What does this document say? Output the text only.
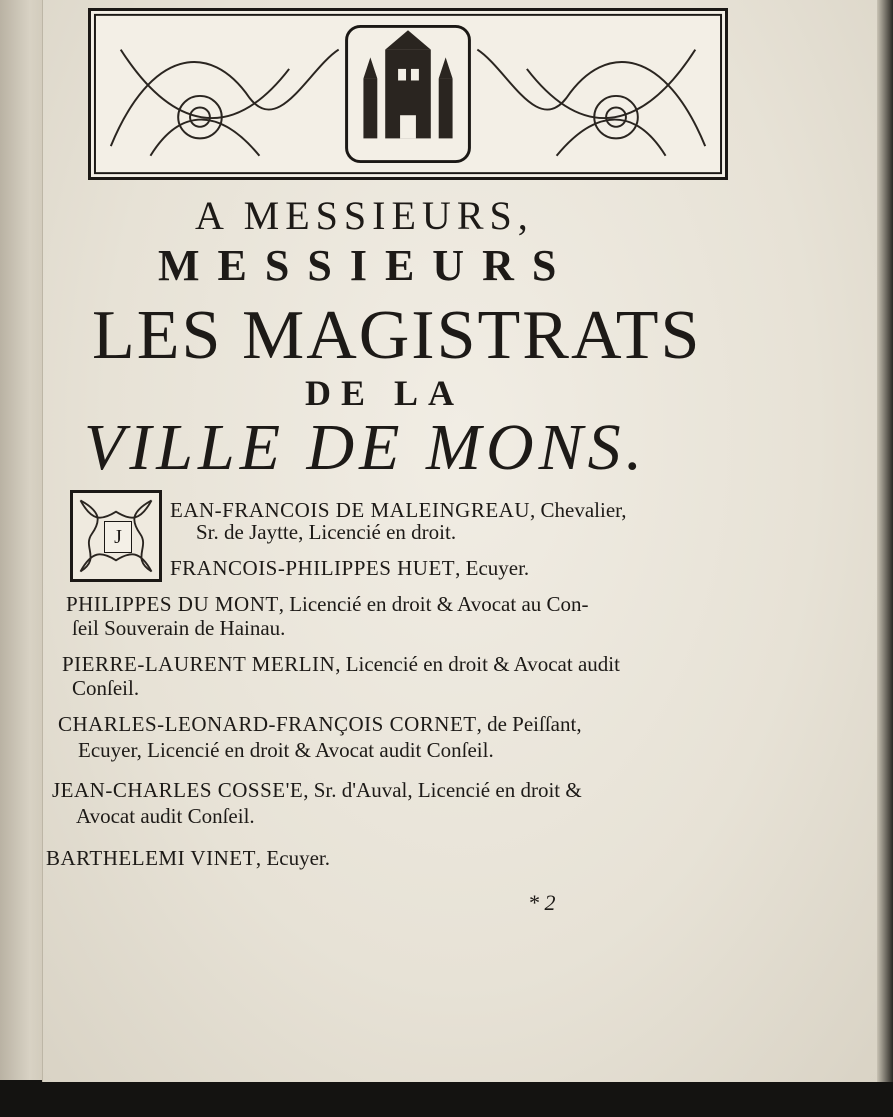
A MESSIEURS,
MESSIEURS
LES MAGISTRATS
DE LA
VILLE DE MONS.
J
EAN-FRANCOIS DE MALEINGREAU, Chevalier,
Sr. de Jaytte, Licencié en droit.
FRANCOIS-PHILIPPES HUET, Ecuyer.
PHILIPPES DU MONT, Licencié en droit & Avocat au Con-
ſeil Souverain de Hainau.
PIERRE-LAURENT MERLIN, Licencié en droit & Avocat audit
Conſeil.
CHARLES-LEONARD-FRANÇOIS CORNET, de Peiſſant,
Ecuyer, Licencié en droit & Avocat audit Conſeil.
JEAN-CHARLES COSSE'E, Sr. d'Auval, Licencié en droit &
Avocat audit Conſeil.
BARTHELEMI VINET, Ecuyer.
* 2
